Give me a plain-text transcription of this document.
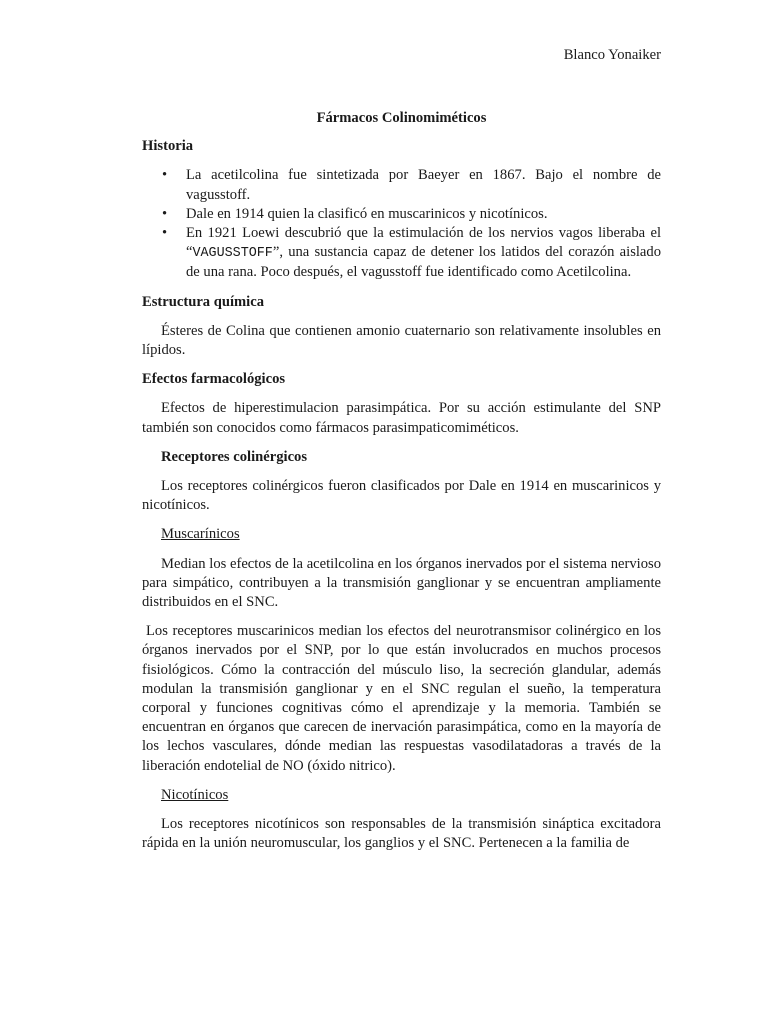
Blanco Yonaiker
Fármacos Colinomiméticos
Historia
• La acetilcolina fue sintetizada por Baeyer en 1867. Bajo el nombre de vagusstoff.
• Dale en 1914 quien la clasificó en muscarinicos y nicotínicos.
• En 1921 Loewi descubrió que la estimulación de los nervios vagos liberaba el “VAGUSSTOFF”, una sustancia capaz de detener los latidos del corazón aislado de una rana. Poco después, el vagusstoff fue identificado como Acetilcolina.
Estructura química
Ésteres de Colina que contienen amonio cuaternario son relativamente insolubles en lípidos.
Efectos farmacológicos
Efectos de hiperestimulacion parasimpática. Por su acción estimulante del SNP también son conocidos como fármacos parasimpaticomiméticos.
Receptores colinérgicos
Los receptores colinérgicos fueron clasificados por Dale en 1914 en muscarinicos y nicotínicos.
Muscarínicos
Median los efectos de la acetilcolina en los órganos inervados por el sistema nervioso para simpático, contribuyen a la transmisión ganglionar y se encuentran ampliamente distribuidos en el SNC.
Los receptores muscarinicos median los efectos del neurotransmisor colinérgico en los órganos inervados por el SNP, por lo que están involucrados en muchos procesos fisiológicos. Cómo la contracción del músculo liso, la secreción glandular, además modulan la transmisión ganglionar y en el SNC regulan el sueño, la temperatura corporal y funciones cognitivas cómo el aprendizaje y la memoria. También se encuentran en órganos que carecen de inervación parasimpática, como en la mayoría de los lechos vasculares, dónde median las respuestas vasodilatadoras a través de la liberación endotelial de NO (óxido nitrico).
Nicotínicos
Los receptores nicotínicos son responsables de la transmisión sináptica excitadora rápida en la unión neuromuscular, los ganglios y el SNC. Pertenecen a la familia de
